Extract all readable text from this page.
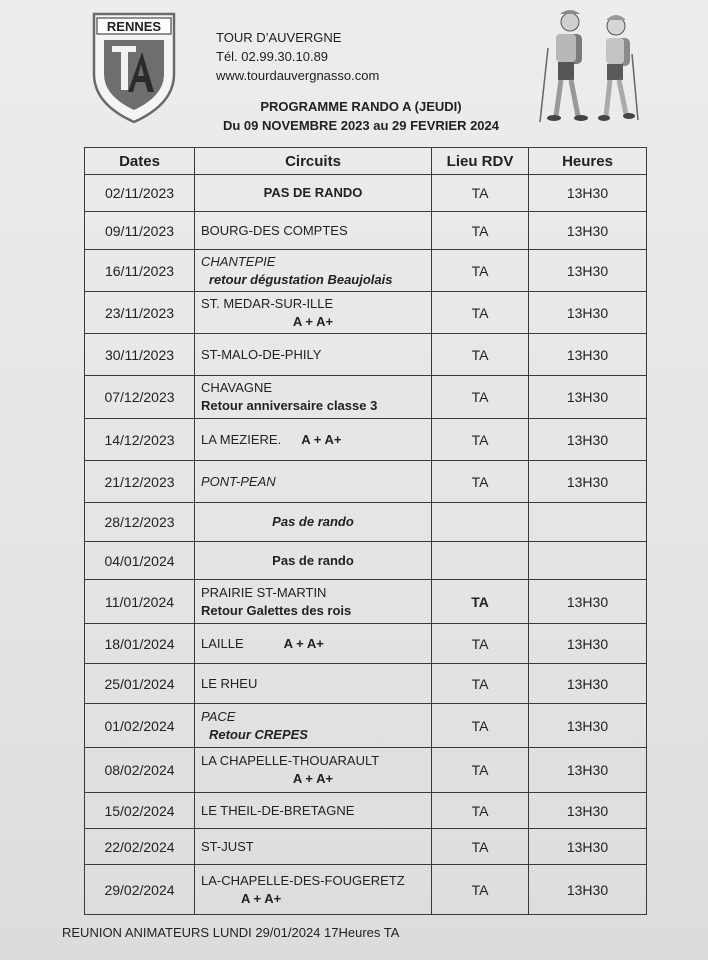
RENNES
TOUR D’AUVERGNE
Tél. 02.99.30.10.89
www.tourdauvergnasso.com
PROGRAMME RANDO A (JEUDI)
Du 09 NOVEMBRE 2023 au 29 FEVRIER 2024
Dates	Circuits	Lieu RDV	Heures
02/11/2023	PAS DE RANDO	TA	13H30
09/11/2023	BOURG-DES COMPTES	TA	13H30
16/11/2023	CHANTEPIE
retour dégustation Beaujolais	TA	13H30
23/11/2023	ST. MEDAR-SUR-ILLE
A + A+	TA	13H30
30/11/2023	ST-MALO-DE-PHILY	TA	13H30
07/12/2023	CHAVAGNE
Retour anniversaire classe 3	TA	13H30
14/12/2023	LA MEZIERE. A + A+	TA	13H30
21/12/2023	PONT-PEAN	TA	13H30
28/12/2023	Pas de rando		
04/01/2024	Pas de rando		
11/01/2024	PRAIRIE ST-MARTIN
Retour Galettes des rois	TA	13H30
18/01/2024	LAILLE A + A+	TA	13H30
25/01/2024	LE RHEU	TA	13H30
01/02/2024	PACE
Retour CREPES	TA	13H30
08/02/2024	LA CHAPELLE-THOUARAULT
A + A+	TA	13H30
15/02/2024	LE THEIL-DE-BRETAGNE	TA	13H30
22/02/2024	ST-JUST	TA	13H30
29/02/2024	LA-CHAPELLE-DES-FOUGERETZ
A + A+	TA	13H30
REUNION ANIMATEURS LUNDI 29/01/2024 17Heures TA
